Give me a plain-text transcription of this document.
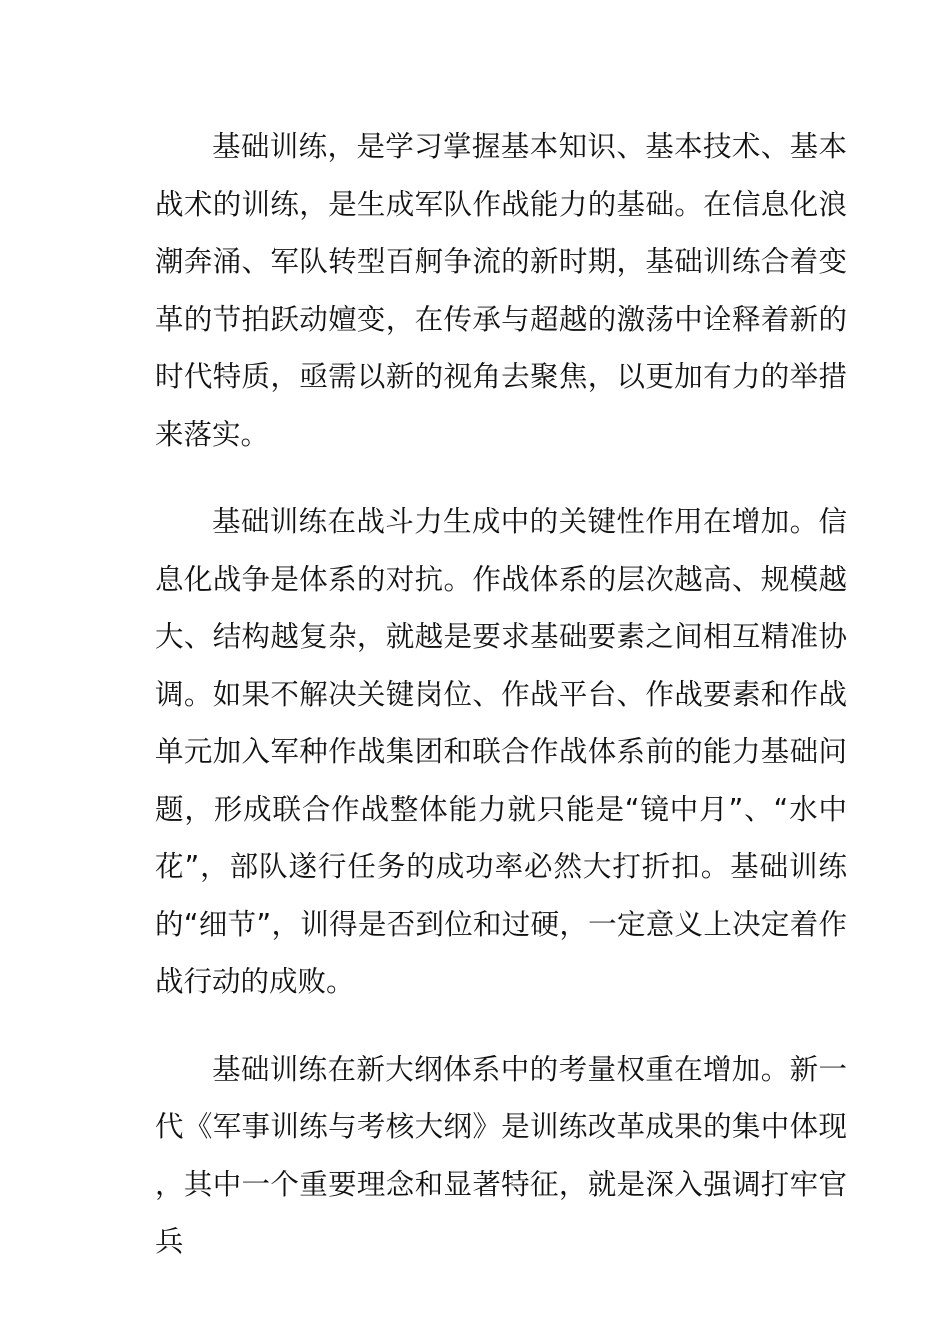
基础训练，是学习掌握基本知识、基本技术、基本战术的训练，是生成军队作战能力的基础。在信息化浪潮奔涌、军队转型百舸争流的新时期，基础训练合着变革的节拍跃动嬗变，在传承与超越的激荡中诠释着新的时代特质，亟需以新的视角去聚焦，以更加有力的举措来落实。

基础训练在战斗力生成中的关键性作用在增加。信息化战争是体系的对抗。作战体系的层次越高、规模越大、结构越复杂，就越是要求基础要素之间相互精准协调。如果不解决关键岗位、作战平台、作战要素和作战单元加入军种作战集团和联合作战体系前的能力基础问题，形成联合作战整体能力就只能是“镜中月”、“水中花”，部队遂行任务的成功率必然大打折扣。基础训练的“细节”，训得是否到位和过硬，一定意义上决定着作战行动的成败。

基础训练在新大纲体系中的考量权重在增加。新一代《军事训练与考核大纲》是训练改革成果的集中体现，其中一个重要理念和显著特征，就是深入强调打牢官兵
